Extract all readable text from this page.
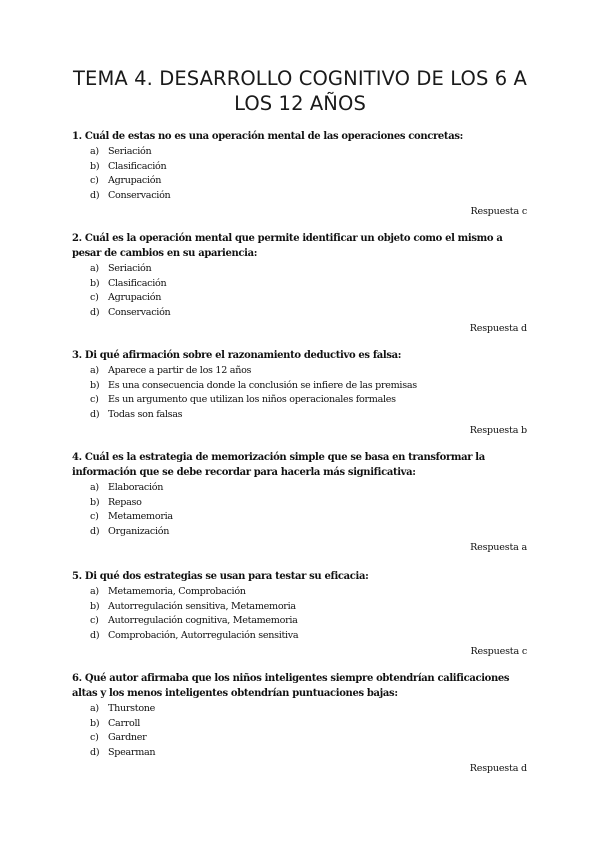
TEMA 4. DESARROLLO COGNITIVO DE LOS 6 A LOS 12 AÑOS

1. Cuál de estas no es una operación mental de las operaciones concretas:

a) Seriación
b) Clasificación
c) Agrupación
d) Conservación
Respuesta c

2. Cuál es la operación mental que permite identificar un objeto como el mismo a pesar de cambios en su apariencia:

a) Seriación
b) Clasificación
c) Agrupación
d) Conservación
Respuesta d

3. Di qué afirmación sobre el razonamiento deductivo es falsa:

a) Aparece a partir de los 12 años
b) Es una consecuencia donde la conclusión se infiere de las premisas
c) Es un argumento que utilizan los niños operacionales formales
d) Todas son falsas
Respuesta b

4. Cuál es la estrategia de memorización simple que se basa en transformar la información que se debe recordar para hacerla más significativa:

a) Elaboración
b) Repaso
c) Metamemoria
d) Organización
Respuesta a

5. Di qué dos estrategias se usan para testar su eficacia:

a) Metamemoria, Comprobación
b) Autorregulación sensitiva, Metamemoria
c) Autorregulación cognitiva, Metamemoria
d) Comprobación, Autorregulación sensitiva
Respuesta c

6. Qué autor afirmaba que los niños inteligentes siempre obtendrían calificaciones altas y los menos inteligentes obtendrían puntuaciones bajas:

a) Thurstone
b) Carroll
c) Gardner
d) Spearman
Respuesta d
